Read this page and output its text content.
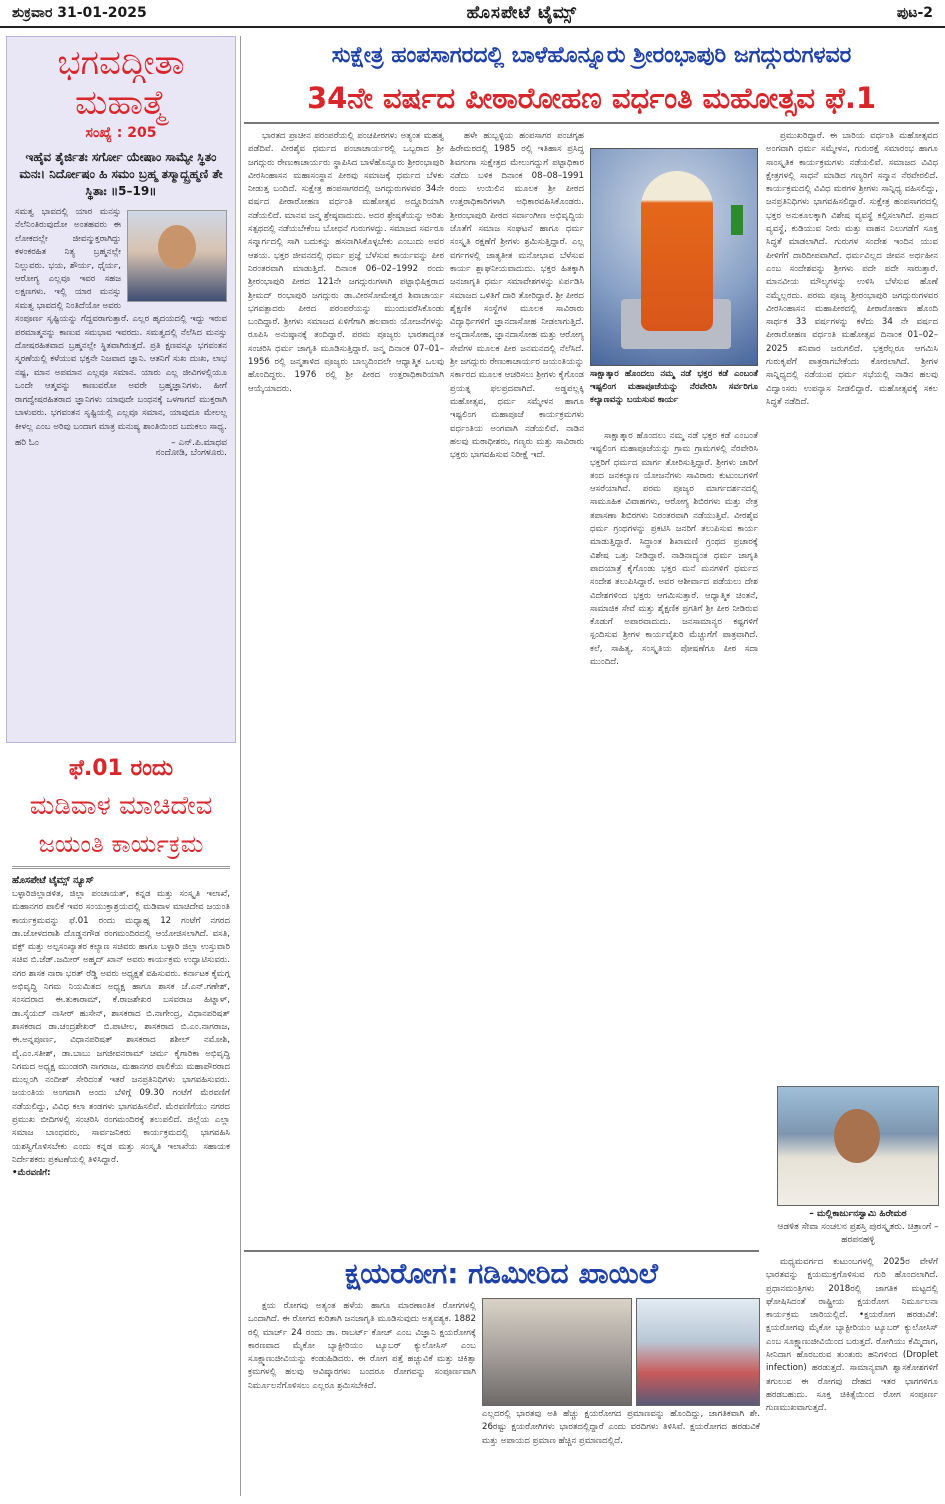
ಶುಕ್ರವಾರ 31-01-2025	ಹೊಸಪೇಟೆ ಟೈಮ್ಸ್	ಪುಟ-2
ಭಗವದ್ಗೀತಾ
ಮಹಾತ್ಮೆ
ಸಂಖ್ಯೆ : 205
ಇಹೈವ ತೈರ್ಜಿತಃ ಸರ್ಗೋ ಯೇಷಾಂ ಸಾಮ್ಯೇ ಸ್ಥಿತಂ ಮನಃ। ನಿರ್ದೋಷಂ ಹಿ ಸಮಂ ಬ್ರಹ್ಮ ತಸ್ಮಾದ್ಬ್ರಹ್ಮಣಿ ತೇ ಸ್ಥಿತಾಃ ॥5–19॥
ಸಮತ್ವ ಭಾವದಲ್ಲಿ ಯಾರ ಮನಸ್ಸು ನೆಲೆನಿಂತಿರುವುದೋ ಅಂತಹವರು ಈ ಲೋಕದಲ್ಲೇ ಜೀವನ್ಮುಕ್ತರಾಗಿದ್ದು ಕಳಂಕರಹಿತ ನಿತ್ಯ ಬ್ರಹ್ಮನಲ್ಲೇ ನಿಲ್ಲುವರು. ಭಯ, ಶೌರ್ಯ, ಧೈರ್ಯ, ಆರೋಗ್ಯ ಎಲ್ಲವೂ ಇವರ ಸಹಜ ಲಕ್ಷಣಗಳು. ಇಲ್ಲಿ ಯಾರ ಮನಸ್ಸು ಸಮತ್ವ ಭಾವದಲ್ಲಿ ನಿಂತಿದೆಯೋ ಅವರು ಸಂಪೂರ್ಣ ಸೃಷ್ಟಿಯನ್ನು ಗೆದ್ದವರಾಗುತ್ತಾರೆ. ಎಲ್ಲರ ಹೃದಯದಲ್ಲಿ ಇದ್ದು ಇರುವ ಪರಮಾತ್ಮನನ್ನು ಕಾಣುವ ಸಮಭಾವ ಇವರದು. ಸಮತ್ವದಲ್ಲಿ ನೆಲೆಸಿದ ಮನಸ್ಸು ದೋಷರಹಿತವಾದ ಬ್ರಹ್ಮನಲ್ಲೇ ಸ್ಥಿತವಾಗಿರುತ್ತದೆ. ಪ್ರತಿ ಕ್ಷಣವನ್ನೂ ಭಗವಂತನ ಸ್ಮರಣೆಯಲ್ಲಿ ಕಳೆಯುವ ಭಕ್ತನೇ ನಿಜವಾದ ಜ್ಞಾನಿ. ಆತನಿಗೆ ಸುಖ ದುಃಖ, ಲಾಭ ನಷ್ಟ, ಮಾನ ಅಪಮಾನ ಎಲ್ಲವೂ ಸಮಾನ. ಯಾರು ಎಲ್ಲ ಜೀವಿಗಳಲ್ಲಿಯೂ ಒಂದೇ ಆತ್ಮವನ್ನು ಕಾಣುವರೋ ಅವರೇ ಬ್ರಹ್ಮಜ್ಞಾನಿಗಳು. ಹೀಗೆ ರಾಗದ್ವೇಷರಹಿತರಾದ ಜ್ಞಾನಿಗಳು ಯಾವುದೇ ಬಂಧನಕ್ಕೆ ಒಳಗಾಗದೆ ಮುಕ್ತರಾಗಿ ಬಾಳುವರು. ಭಗವಂತನ ಸೃಷ್ಟಿಯಲ್ಲಿ ಎಲ್ಲವೂ ಸಮಾನ, ಯಾವುದೂ ಮೇಲಲ್ಲ ಕೀಳಲ್ಲ ಎಂಬ ಅರಿವು ಬಂದಾಗ ಮಾತ್ರ ಮನುಷ್ಯ ಶಾಂತಿಯಿಂದ ಬದುಕಲು ಸಾಧ್ಯ.
ಹರಿ ಓಂ	– ಎನ್.ಪಿ.ಮಾಧವ
ನಂದೋಡಿ, ಬೆಂಗಳೂರು.
ಫೆ.01 ರಂದು
ಮಡಿವಾಳ ಮಾಚಿದೇವ
ಜಯಂತಿ ಕಾರ್ಯಕ್ರಮ
ಹೊಸಪೇಟೆ ಟೈಮ್ಸ್ ನ್ಯೂಸ್
ಬಳ್ಳಾರಿಜಿಲ್ಲಾಡಳಿತ, ಜಿಲ್ಲಾ ಪಂಚಾಯತ್, ಕನ್ನಡ ಮತ್ತು ಸಂಸ್ಕೃತಿ ಇಲಾಖೆ, ಮಹಾನಗರ ಪಾಲಿಕೆ ಇವರ ಸಂಯುಕ್ತಾಶ್ರಯದಲ್ಲಿ ಮಡಿವಾಳ ಮಾಚಿದೇವ ಜಯಂತಿ ಕಾರ್ಯಕ್ರಮವನ್ನು ಫೆ.01 ರಂದು ಮಧ್ಯಾಹ್ನ 12 ಗಂಟೆಗೆ ನಗರದ ಡಾ.ಜೋಳದರಾಶಿ ದೊಡ್ಡನಗೌಡ ರಂಗಮಂದಿರದಲ್ಲಿ ಆಯೋಜಿಸಲಾಗಿದೆ. ವಸತಿ, ವಕ್ಫ್ ಮತ್ತು ಅಲ್ಪಸಂಖ್ಯಾತರ ಕಲ್ಯಾಣ ಸಚಿವರು ಹಾಗೂ ಬಳ್ಳಾರಿ ಜಿಲ್ಲಾ ಉಸ್ತುವಾರಿ ಸಚಿವ ಬಿ.ಜೆಡ್.ಜಮೀರ್ ಅಹ್ಮದ್ ಖಾನ್ ಅವರು ಕಾರ್ಯಕ್ರಮ ಉದ್ಘಾಟಿಸುವರು. ನಗರ ಶಾಸಕ ನಾರಾ ಭರತ್ ರೆಡ್ಡಿ ಅವರು ಅಧ್ಯಕ್ಷತೆ ವಹಿಸುವರು. ಕರ್ನಾಟಕ ಕೈಮಗ್ಗ ಅಭಿವೃದ್ಧಿ ನಿಗಮ ನಿಯಮಿತದ ಅಧ್ಯಕ್ಷ ಹಾಗೂ ಶಾಸಕ ಜೆ.ಎನ್.ಗಣೇಶ್, ಸಂಸದರಾದ ಈ.ತುಕಾರಾಮ್, ಕೆ.ರಾಜಶೇಖರ ಬಸವರಾಜ ಹಿಟ್ನಾಳ್, ಡಾ.ಸೈಯದ್ ನಾಸೀರ್ ಹುಸೇನ್, ಶಾಸಕರಾದ ಬಿ.ನಾಗೇಂದ್ರ, ವಿಧಾನಪರಿಷತ್ ಶಾಸಕರಾದ ಡಾ.ಚಂದ್ರಶೇಖರ್ ಬಿ.ಪಾಟೀಲ, ಶಾಸಕರಾದ ಬಿ.ಎಂ.ನಾಗರಾಜ, ಈ.ಅನ್ನಪೂರ್ಣ, ವಿಧಾನಪರಿಷತ್ ಶಾಸಕರಾದ ಶಶೀಲ್ ನಮೋಶಿ, ವೈ.ಎಂ.ಸತೀಶ್, ಡಾ.ಬಾಬು ಜಗಜೀವನರಾಮ್ ಚರ್ಮ ಕೈಗಾರಿಕಾ ಅಭಿವೃದ್ಧಿ ನಿಗಮದ ಅಧ್ಯಕ್ಷ ಮುಂಡರಗಿ ನಾಗರಾಜ, ಮಹಾನಗರ ಪಾಲಿಕೆಯ ಮಹಾಪೌರರಾದ ಮುಲ್ಲಂಗಿ ನಂದೀಶ್ ಸೇರಿದಂತೆ ಇತರೆ ಜನಪ್ರತಿನಿಧಿಗಳು ಭಾಗವಹಿಸುವರು. ಜಯಂತಿಯ ಅಂಗವಾಗಿ ಅಂದು ಬೆಳಿಗ್ಗೆ 09.30 ಗಂಟೆಗೆ ಮೆರವಣಿಗೆ ನಡೆಯಲಿದ್ದು, ವಿವಿಧ ಕಲಾ ತಂಡಗಳು ಭಾಗವಹಿಸಲಿವೆ. ಮೆರವಣಿಗೆಯು ನಗರದ ಪ್ರಮುಖ ಬೀದಿಗಳಲ್ಲಿ ಸಂಚರಿಸಿ ರಂಗಮಂದಿರಕ್ಕೆ ತಲುಪಲಿದೆ. ಜಿಲ್ಲೆಯ ಎಲ್ಲಾ ಸಮಾಜ ಬಾಂಧವರು, ಸಾರ್ವಜನಿಕರು ಕಾರ್ಯಕ್ರಮದಲ್ಲಿ ಭಾಗವಹಿಸಿ ಯಶಸ್ವಿಗೊಳಿಸಬೇಕು ಎಂದು ಕನ್ನಡ ಮತ್ತು ಸಂಸ್ಕೃತಿ ಇಲಾಖೆಯ ಸಹಾಯಕ ನಿರ್ದೇಶಕರು ಪ್ರಕಟಣೆಯಲ್ಲಿ ತಿಳಿಸಿದ್ದಾರೆ.
•ಮೆರವಣಿಗೆ:
ಸುಕ್ಷೇತ್ರ ಹಂಪಸಾಗರದಲ್ಲಿ ಬಾಳೆಹೊನ್ನೂರು ಶ್ರೀರಂಭಾಪುರಿ ಜಗದ್ಗುರುಗಳವರ
34ನೇ ವರ್ಷದ ಪೀಠಾರೋಹಣ ವರ್ಧಂತಿ ಮಹೋತ್ಸವ ಫೆ.1

ಭಾರತದ ಪ್ರಾಚೀನ ಪರಂಪರೆಯಲ್ಲಿ ಪಂಚಪೀಠಗಳು ಅತ್ಯಂತ ಮಹತ್ವ ಪಡೆದಿವೆ. ವೀರಶೈವ ಧರ್ಮದ ಪಂಚಾಚಾರ್ಯರಲ್ಲಿ ಒಬ್ಬರಾದ ಶ್ರೀ ಜಗದ್ಗುರು ರೇಣುಕಾಚಾರ್ಯರು ಸ್ಥಾಪಿಸಿದ ಬಾಳೆಹೊನ್ನೂರು ಶ್ರೀರಂಭಾಪುರಿ ವೀರಸಿಂಹಾಸನ ಮಹಾಸಂಸ್ಥಾನ ಪೀಠವು ಸಮಾಜಕ್ಕೆ ಧರ್ಮದ ಬೆಳಕು ನೀಡುತ್ತ ಬಂದಿದೆ. ಸುಕ್ಷೇತ್ರ ಹಂಪಸಾಗರದಲ್ಲಿ ಜಗದ್ಗುರುಗಳವರ 34ನೇ ವರ್ಷದ ಪೀಠಾರೋಹಣ ವರ್ಧಂತಿ ಮಹೋತ್ಸವ ಅದ್ದೂರಿಯಾಗಿ ನಡೆಯಲಿದೆ. ಮಾನವ ಜನ್ಮ ಶ್ರೇಷ್ಠವಾದುದು. ಅದರ ಶ್ರೇಷ್ಠತೆಯನ್ನು ಅರಿತು ಸತ್ಪಥದಲ್ಲಿ ನಡೆಯಬೇಕೆಂಬ ಬೋಧನೆ ಗುರುಗಳದ್ದು. ಸಮಾಜದ ಸರ್ವರೂ ಸನ್ಮಾರ್ಗದಲ್ಲಿ ಸಾಗಿ ಬದುಕನ್ನು ಹಸನಾಗಿಸಿಕೊಳ್ಳಬೇಕು ಎಂಬುದು ಅವರ ಆಶಯ. ಭಕ್ತರ ಜೀವನದಲ್ಲಿ ಧರ್ಮ ಪ್ರಜ್ಞೆ ಬೆಳೆಸುವ ಕಾರ್ಯವನ್ನು ಪೀಠ ನಿರಂತರವಾಗಿ ಮಾಡುತ್ತಿದೆ. ದಿನಾಂಕ 06–02–1992 ರಂದು ಶ್ರೀರಂಭಾಪುರಿ ಪೀಠದ 121ನೇ ಜಗದ್ಗುರುಗಳಾಗಿ ಪಟ್ಟಾಭಿಷಿಕ್ತರಾದ ಶ್ರೀಮದ್ ರಂಭಾಪುರಿ ಜಗದ್ಗುರು ಡಾ.ವೀರಸೋಮೇಶ್ವರ ಶಿವಾಚಾರ್ಯ ಭಗವತ್ಪಾದರು ಪೀಠದ ಪರಂಪರೆಯನ್ನು ಮುಂದುವರೆಸಿಕೊಂಡು ಬಂದಿದ್ದಾರೆ. ಶ್ರೀಗಳು ಸಮಾಜದ ಏಳಿಗೆಗಾಗಿ ಹಲವಾರು ಯೋಜನೆಗಳನ್ನು ರೂಪಿಸಿ ಅನುಷ್ಠಾನಕ್ಕೆ ತಂದಿದ್ದಾರೆ. ಪರಮ ಪೂಜ್ಯರು ಭಾರತಾದ್ಯಂತ ಸಂಚರಿಸಿ ಧರ್ಮ ಜಾಗೃತಿ ಮೂಡಿಸುತ್ತಿದ್ದಾರೆ. ಜನ್ಮ ದಿನಾಂಕ 07–01–1956 ರಲ್ಲಿ ಜನ್ಮತಾಳಿದ ಪೂಜ್ಯರು ಬಾಲ್ಯದಿಂದಲೇ ಆಧ್ಯಾತ್ಮಿಕ ಒಲವು ಹೊಂದಿದ್ದರು. 1976 ರಲ್ಲಿ ಶ್ರೀ ಪೀಠದ ಉತ್ತರಾಧಿಕಾರಿಯಾಗಿ ಆಯ್ಕೆಯಾದರು.

ಹಳೇ ಹುಬ್ಬಳ್ಳಿಯ ಹಂಪಸಾಗರ ಪಂಚಗೃಹ ಹಿರೇಮಠದಲ್ಲಿ 1985 ರಲ್ಲಿ ಇತಿಹಾಸ ಪ್ರಸಿದ್ಧ ಶಿವಗಂಗಾ ಸುಕ್ಷೇತ್ರದ ಮೇಲುಗದ್ದುಗೆ ಪಟ್ಟಾಧಿಕಾರ ನಡೆದು ಬಳಿಕ ದಿನಾಂಕ 08–08–1991 ರಂದು ಉಯಿಲಿನ ಮೂಲಕ ಶ್ರೀ ಪೀಠದ ಉತ್ತರಾಧಿಕಾರಿಗಳಾಗಿ ಅಧಿಕಾರವಹಿಸಿಕೊಂಡರು. ಶ್ರೀರಂಭಾಪುರಿ ಪೀಠದ ಸರ್ವಾಂಗೀಣ ಅಭಿವೃದ್ಧಿಯ ಜೊತೆಗೆ ಸಮಾಜ ಸಂಘಟನೆ ಹಾಗೂ ಧರ್ಮ ಸಂಸ್ಕೃತಿ ರಕ್ಷಣೆಗೆ ಶ್ರೀಗಳು ಶ್ರಮಿಸುತ್ತಿದ್ದಾರೆ. ಎಲ್ಲ ವರ್ಗಗಳಲ್ಲಿ ಜಾತ್ಯತೀತ ಮನೋಭಾವ ಬೆಳೆಸುವ ಕಾರ್ಯ ಶ್ಲಾಘನೀಯವಾದುದು. ಭಕ್ತರ ಹಿತಕ್ಕಾಗಿ ಜನಜಾಗೃತಿ ಧರ್ಮ ಸಮಾವೇಶಗಳನ್ನು ಏರ್ಪಡಿಸಿ ಸಮಾಜದ ಒಳಿತಿಗೆ ದಾರಿ ತೋರಿದ್ದಾರೆ. ಶ್ರೀ ಪೀಠದ ಶೈಕ್ಷಣಿಕ ಸಂಸ್ಥೆಗಳ ಮೂಲಕ ಸಾವಿರಾರು ವಿದ್ಯಾರ್ಥಿಗಳಿಗೆ ಜ್ಞಾನದಾಸೋಹ ನೀಡಲಾಗುತ್ತಿದೆ. ಅನ್ನದಾಸೋಹ, ಜ್ಞಾನದಾಸೋಹ ಮತ್ತು ಆರೋಗ್ಯ ಸೇವೆಗಳ ಮೂಲಕ ಪೀಠ ಜನಮನದಲ್ಲಿ ನೆಲೆಸಿದೆ. ಶ್ರೀ ಜಗದ್ಗುರು ರೇಣುಕಾಚಾರ್ಯರ ಜಯಂತಿಯನ್ನು ಸರ್ಕಾರದ ಮೂಲಕ ಆಚರಿಸಲು ಶ್ರೀಗಳು ಕೈಗೊಂಡ ಪ್ರಯತ್ನ ಫಲಪ್ರದವಾಗಿದೆ. ಅಡ್ಡಪಲ್ಲಕ್ಕಿ ಮಹೋತ್ಸವ, ಧರ್ಮ ಸಮ್ಮೇಳನ ಹಾಗೂ ಇಷ್ಟಲಿಂಗ ಮಹಾಪೂಜೆ ಕಾರ್ಯಕ್ರಮಗಳು ವರ್ಧಂತಿಯ ಅಂಗವಾಗಿ ನಡೆಯಲಿವೆ. ನಾಡಿನ ಹಲವು ಮಠಾಧೀಶರು, ಗಣ್ಯರು ಮತ್ತು ಸಾವಿರಾರು ಭಕ್ತರು ಭಾಗವಹಿಸುವ ನಿರೀಕ್ಷೆ ಇದೆ.

ಸಾಕ್ಷಾತ್ಕಾರ ಹೊಂದಲು ನಮ್ಮ ನಡೆ ಭಕ್ತರ ಕಡೆ ಎಂಬಂತೆ ಇಷ್ಟಲಿಂಗ ಮಹಾಪೂಜೆಯನ್ನು ನೆರವೇರಿಸಿ ಸರ್ವರಿಗೂ ಕಲ್ಯಾಣವನ್ನು ಬಯಸುವ ಕಾರ್ಯ

ಸಾಕ್ಷಾತ್ಕಾರ ಹೊಂದಲು ನಮ್ಮ ನಡೆ ಭಕ್ತರ ಕಡೆ ಎಂಬಂತೆ ಇಷ್ಟಲಿಂಗ ಮಹಾಪೂಜೆಯನ್ನು ಗ್ರಾಮ ಗ್ರಾಮಗಳಲ್ಲಿ ನೆರವೇರಿಸಿ ಭಕ್ತರಿಗೆ ಧರ್ಮದ ಮಾರ್ಗ ತೋರಿಸುತ್ತಿದ್ದಾರೆ. ಶ್ರೀಗಳು ಜಾರಿಗೆ ತಂದ ಜನಕಲ್ಯಾಣ ಯೋಜನೆಗಳು ಸಾವಿರಾರು ಕುಟುಂಬಗಳಿಗೆ ಆಸರೆಯಾಗಿವೆ. ಪರಮ ಪೂಜ್ಯರ ಮಾರ್ಗದರ್ಶನದಲ್ಲಿ ಸಾಮೂಹಿಕ ವಿವಾಹಗಳು, ಆರೋಗ್ಯ ಶಿಬಿರಗಳು ಮತ್ತು ನೇತ್ರ ತಪಾಸಣಾ ಶಿಬಿರಗಳು ನಿರಂತರವಾಗಿ ನಡೆಯುತ್ತಿವೆ. ವೀರಶೈವ ಧರ್ಮ ಗ್ರಂಥಗಳನ್ನು ಪ್ರಕಟಿಸಿ ಜನರಿಗೆ ತಲುಪಿಸುವ ಕಾರ್ಯ ಮಾಡುತ್ತಿದ್ದಾರೆ. ಸಿದ್ಧಾಂತ ಶಿಖಾಮಣಿ ಗ್ರಂಥದ ಪ್ರಚಾರಕ್ಕೆ ವಿಶೇಷ ಒತ್ತು ನೀಡಿದ್ದಾರೆ. ನಾಡಿನಾದ್ಯಂತ ಧರ್ಮ ಜಾಗೃತಿ ಪಾದಯಾತ್ರೆ ಕೈಗೊಂಡು ಭಕ್ತರ ಮನೆ ಮನಗಳಿಗೆ ಧರ್ಮದ ಸಂದೇಶ ತಲುಪಿಸಿದ್ದಾರೆ. ಅವರ ಆಶೀರ್ವಾದ ಪಡೆಯಲು ದೇಶ ವಿದೇಶಗಳಿಂದ ಭಕ್ತರು ಆಗಮಿಸುತ್ತಾರೆ. ಆಧ್ಯಾತ್ಮಿಕ ಚಿಂತನೆ, ಸಾಮಾಜಿಕ ಸೇವೆ ಮತ್ತು ಶೈಕ್ಷಣಿಕ ಪ್ರಗತಿಗೆ ಶ್ರೀ ಪೀಠ ನೀಡಿರುವ ಕೊಡುಗೆ ಅಪಾರವಾದುದು. ಜನಸಾಮಾನ್ಯರ ಕಷ್ಟಗಳಿಗೆ ಸ್ಪಂದಿಸುವ ಶ್ರೀಗಳ ಕಾರ್ಯವೈಖರಿ ಮೆಚ್ಚುಗೆಗೆ ಪಾತ್ರವಾಗಿದೆ. ಕಲೆ, ಸಾಹಿತ್ಯ, ಸಂಸ್ಕೃತಿಯ ಪೋಷಣೆಗೂ ಪೀಠ ಸದಾ ಮುಂದಿದೆ.

ಪ್ರಮುಖರಿದ್ದಾರೆ. ಈ ಬಾರಿಯ ವರ್ಧಂತಿ ಮಹೋತ್ಸವದ ಅಂಗವಾಗಿ ಧರ್ಮ ಸಮ್ಮೇಳನ, ಗುರುರಕ್ಷೆ ಸಮಾರಂಭ ಹಾಗೂ ಸಾಂಸ್ಕೃತಿಕ ಕಾರ್ಯಕ್ರಮಗಳು ನಡೆಯಲಿವೆ. ಸಮಾಜದ ವಿವಿಧ ಕ್ಷೇತ್ರಗಳಲ್ಲಿ ಸಾಧನೆ ಮಾಡಿದ ಗಣ್ಯರಿಗೆ ಸನ್ಮಾನ ನೆರವೇರಲಿದೆ. ಕಾರ್ಯಕ್ರಮದಲ್ಲಿ ವಿವಿಧ ಮಠಗಳ ಶ್ರೀಗಳು ಸಾನ್ನಿಧ್ಯ ವಹಿಸಲಿದ್ದು, ಜನಪ್ರತಿನಿಧಿಗಳು ಭಾಗವಹಿಸಲಿದ್ದಾರೆ. ಸುಕ್ಷೇತ್ರ ಹಂಪಸಾಗರದಲ್ಲಿ ಭಕ್ತರ ಅನುಕೂಲಕ್ಕಾಗಿ ವಿಶೇಷ ವ್ಯವಸ್ಥೆ ಕಲ್ಪಿಸಲಾಗಿದೆ. ಪ್ರಸಾದ ವ್ಯವಸ್ಥೆ, ಕುಡಿಯುವ ನೀರು ಮತ್ತು ವಾಹನ ನಿಲುಗಡೆಗೆ ಸೂಕ್ತ ಸಿದ್ಧತೆ ಮಾಡಲಾಗಿದೆ. ಗುರುಗಳ ಸಂದೇಶ ಇಂದಿನ ಯುವ ಪೀಳಿಗೆಗೆ ದಾರಿದೀಪವಾಗಿದೆ. ಧರ್ಮವಿಲ್ಲದ ಜೀವನ ಅರ್ಥಹೀನ ಎಂಬ ಸಂದೇಶವನ್ನು ಶ್ರೀಗಳು ಪದೇ ಪದೇ ಸಾರುತ್ತಾರೆ. ಮಾನವೀಯ ಮೌಲ್ಯಗಳನ್ನು ಉಳಿಸಿ ಬೆಳೆಸುವ ಹೊಣೆ ನಮ್ಮೆಲ್ಲರದು. ಪರಮ ಪೂಜ್ಯ ಶ್ರೀರಂಭಾಪುರಿ ಜಗದ್ಗುರುಗಳವರ ವೀರಸಿಂಹಾಸನ ಮಹಾಪೀಠದಲ್ಲಿ ಪೀಠಾರೋಹಣ ಹೊಂದಿ ಸಾರ್ಥಕ 33 ವರ್ಷಗಳನ್ನು ಕಳೆದು 34 ನೇ ವರ್ಷದ ಪೀಠಾರೋಹಣ ವರ್ಧಂತಿ ಮಹೋತ್ಸವ ದಿನಾಂಕ 01–02–2025 ಶನಿವಾರ ಜರುಗಲಿದೆ. ಭಕ್ತರೆಲ್ಲರೂ ಆಗಮಿಸಿ ಗುರುಕೃಪೆಗೆ ಪಾತ್ರರಾಗಬೇಕೆಂದು ಕೋರಲಾಗಿದೆ. ಶ್ರೀಗಳ ಸಾನ್ನಿಧ್ಯದಲ್ಲಿ ನಡೆಯುವ ಧರ್ಮ ಸಭೆಯಲ್ಲಿ ನಾಡಿನ ಹಲವು ವಿದ್ವಾಂಸರು ಉಪನ್ಯಾಸ ನೀಡಲಿದ್ದಾರೆ. ಮಹೋತ್ಸವಕ್ಕೆ ಸಕಲ ಸಿದ್ಧತೆ ನಡೆದಿದೆ.

– ಮಲ್ಲಿಕಾರ್ಜುನಸ್ವಾಮಿ ಹಿರೇಮಠ
ಆಡಳಿತ ಸೇವಾ ಸಂಚಲನ ಪ್ರಶಸ್ತಿ ಪುರಸ್ಕೃತರು. ಚಿತ್ರಾಂಗೆ – ಹರಪನಹಳ್ಳಿ
ಕ್ಷಯರೋಗ: ಗಡಿಮೀರಿದ ಖಾಯಿಲೆ

ಕ್ಷಯ ರೋಗವು ಅತ್ಯಂತ ಹಳೆಯ ಹಾಗೂ ಮಾರಣಾಂತಿಕ ರೋಗಗಳಲ್ಲಿ ಒಂದಾಗಿದೆ. ಈ ರೋಗದ ಕುರಿತಾಗಿ ಜನಜಾಗೃತಿ ಮೂಡಿಸುವುದು ಅತ್ಯವಶ್ಯಕ. 1882 ರಲ್ಲಿ ಮಾರ್ಚ್ 24 ರಂದು ಡಾ. ರಾಬರ್ಟ್ ಕೋಚ್ ಎಂಬ ವಿಜ್ಞಾನಿ ಕ್ಷಯರೋಗಕ್ಕೆ ಕಾರಣವಾದ ಮೈಕೋ ಬ್ಯಾಕ್ಟೀರಿಯಂ ಟ್ಯೂಬರ್ ಕ್ಯುಲೋಸಿಸ್ ಎಂಬ ಸೂಕ್ಷ್ಮಾಣುಜೀವಿಯನ್ನು ಕಂಡುಹಿಡಿದರು. ಈ ರೋಗ ಪತ್ತೆ ಹಚ್ಚುವಿಕೆ ಮತ್ತು ಚಿಕಿತ್ಸಾ ಕ್ರಮಗಳಲ್ಲಿ ಹಲವು ಆವಿಷ್ಕಾರಗಳು ಬಂದರೂ ರೋಗವನ್ನು ಸಂಪೂರ್ಣವಾಗಿ ನಿರ್ಮೂಲನೆಗೊಳಿಸಲು ಎಲ್ಲರೂ ಶ್ರಮಿಸಬೇಕಿದೆ.

ಎಲ್ಲದರಲ್ಲಿ ಭಾರತವು ಅತಿ ಹೆಚ್ಚು ಕ್ಷಯರೋಗದ ಪ್ರಮಾಣವನ್ನು ಹೊಂದಿದ್ದು, ಜಾಗತಿಕವಾಗಿ ಶೇ. 26ರಷ್ಟು ಕ್ಷಯರೋಗಿಗಳು ಭಾರತದಲ್ಲಿದ್ದಾರೆ ಎಂದು ವರದಿಗಳು ತಿಳಿಸಿವೆ. ಕ್ಷಯರೋಗದ ಹರಡುವಿಕೆ ಮತ್ತು ಅಪಾಯದ ಪ್ರಮಾಣ ಹೆಚ್ಚಿನ ಪ್ರಮಾಣದಲ್ಲಿದೆ.

ಮಧ್ಯಮವರ್ಗದ ಕುಟುಂಬಗಳಲ್ಲಿ 2025ರ ವೇಳೆಗೆ ಭಾರತವನ್ನು ಕ್ಷಯಮುಕ್ತಗೊಳಿಸುವ ಗುರಿ ಹೊಂದಲಾಗಿದೆ. ಪ್ರಧಾನಮಂತ್ರಿಗಳು 2018ರಲ್ಲಿ ಜಾಗತಿಕ ಮಟ್ಟದಲ್ಲಿ ಘೋಷಿಸಿದಂತೆ ರಾಷ್ಟ್ರೀಯ ಕ್ಷಯರೋಗ ನಿರ್ಮೂಲನಾ ಕಾರ್ಯಕ್ರಮ ಜಾರಿಯಲ್ಲಿದೆ. •ಕ್ಷಯರೋಗ ಹರಡುವಿಕೆ: ಕ್ಷಯರೋಗವು ಮೈಕೋ ಬ್ಯಾಕ್ಟೀರಿಯಂ ಟ್ಯೂಬರ್ ಕ್ಯುಲೋಸಿಸ್ ಎಂಬ ಸೂಕ್ಷ್ಮಾಣುಜೀವಿಯಿಂದ ಬರುತ್ತದೆ. ರೋಗಿಯು ಕೆಮ್ಮಿದಾಗ, ಸೀನಿದಾಗ ಹೊರಬರುವ ತುಂತುರು ಹನಿಗಳಿಂದ (Droplet infection) ಹರಡುತ್ತದೆ. ಸಾಮಾನ್ಯವಾಗಿ ಶ್ವಾಸಕೋಶಗಳಿಗೆ ತಗುಲುವ ಈ ರೋಗವು ದೇಹದ ಇತರ ಭಾಗಗಳಿಗೂ ಹರಡಬಹುದು. ಸೂಕ್ತ ಚಿಕಿತ್ಸೆಯಿಂದ ರೋಗ ಸಂಪೂರ್ಣ ಗುಣಮುಖವಾಗುತ್ತದೆ.
